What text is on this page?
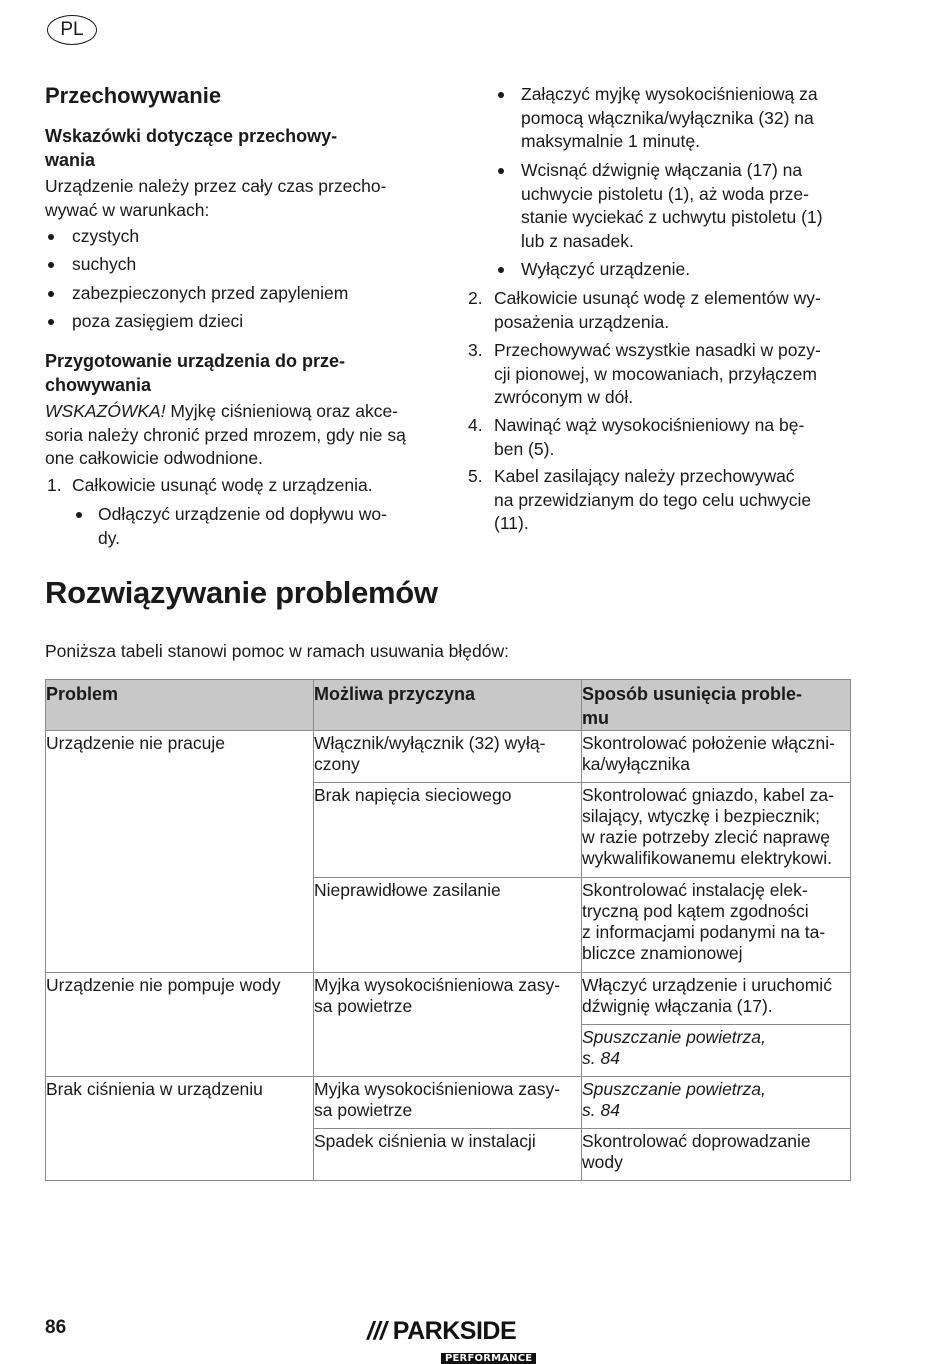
PL
Przechowywanie
Wskazówki dotyczące przechowy-
wania
Urządzenie należy przez cały czas przecho-
wywać w warunkach:
czystych
suchych
zabezpieczonych przed zapyleniem
poza zasięgiem dzieci
Przygotowanie urządzenia do prze-
chowywania
WSKAZÓWKA! Myjkę ciśnieniową oraz akce-
soria należy chronić przed mrozem, gdy nie są
one całkowicie odwodnione.
1. Całkowicie usunąć wodę z urządzenia.
Odłączyć urządzenie od dopływu wo-
dy.
Załączyć myjkę wysokociśnieniową za
pomocą włącznika/wyłącznika (32) na
maksymalnie 1 minutę.
Wcisnąć dźwignię włączania (17) na
uchwycie pistoletu (1), aż woda prze-
stanie wyciekać z uchwytu pistoletu (1)
lub z nasadek.
Wyłączyć urządzenie.
2. Całkowicie usunąć wodę z elementów wy-
posażenia urządzenia.
3. Przechowywać wszystkie nasadki w pozy-
cji pionowej, w mocowaniach, przyłączem
zwróconym w dół.
4. Nawinąć wąż wysokociśnieniowy na bę-
ben (5).
5. Kabel zasilający należy przechowywać
na przewidzianym do tego celu uchwycie
(11).
Rozwiązywanie problemów
Poniższa tabeli stanowi pomoc w ramach usuwania błędów:
Problem	Możliwa przyczyna	Sposób usunięcia proble-
mu
Urządzenie nie pracuje	Włącznik/wyłącznik (32) wyłą-
czony	Skontrolować położenie włączni-
ka/wyłącznika
	Brak napięcia sieciowego	Skontrolować gniazdo, kabel za-
silający, wtyczkę i bezpiecznik;
w razie potrzeby zlecić naprawę
wykwalifikowanemu elektrykowi.
	Nieprawidłowe zasilanie	Skontrolować instalację elek-
tryczną pod kątem zgodności
z informacjami podanymi na ta-
bliczce znamionowej
Urządzenie nie pompuje wody	Myjka wysokociśnieniowa zasy-
sa powietrze	Włączyć urządzenie i uruchomić
dźwignię włączania (17).
		Spuszczanie powietrza,
s. 84
Brak ciśnienia w urządzeniu	Myjka wysokociśnieniowa zasy-
sa powietrze	Spuszczanie powietrza,
s. 84
	Spadek ciśnienia w instalacji	Skontrolować doprowadzanie
wody
86	/// PARKSIDE
PERFORMANCE
